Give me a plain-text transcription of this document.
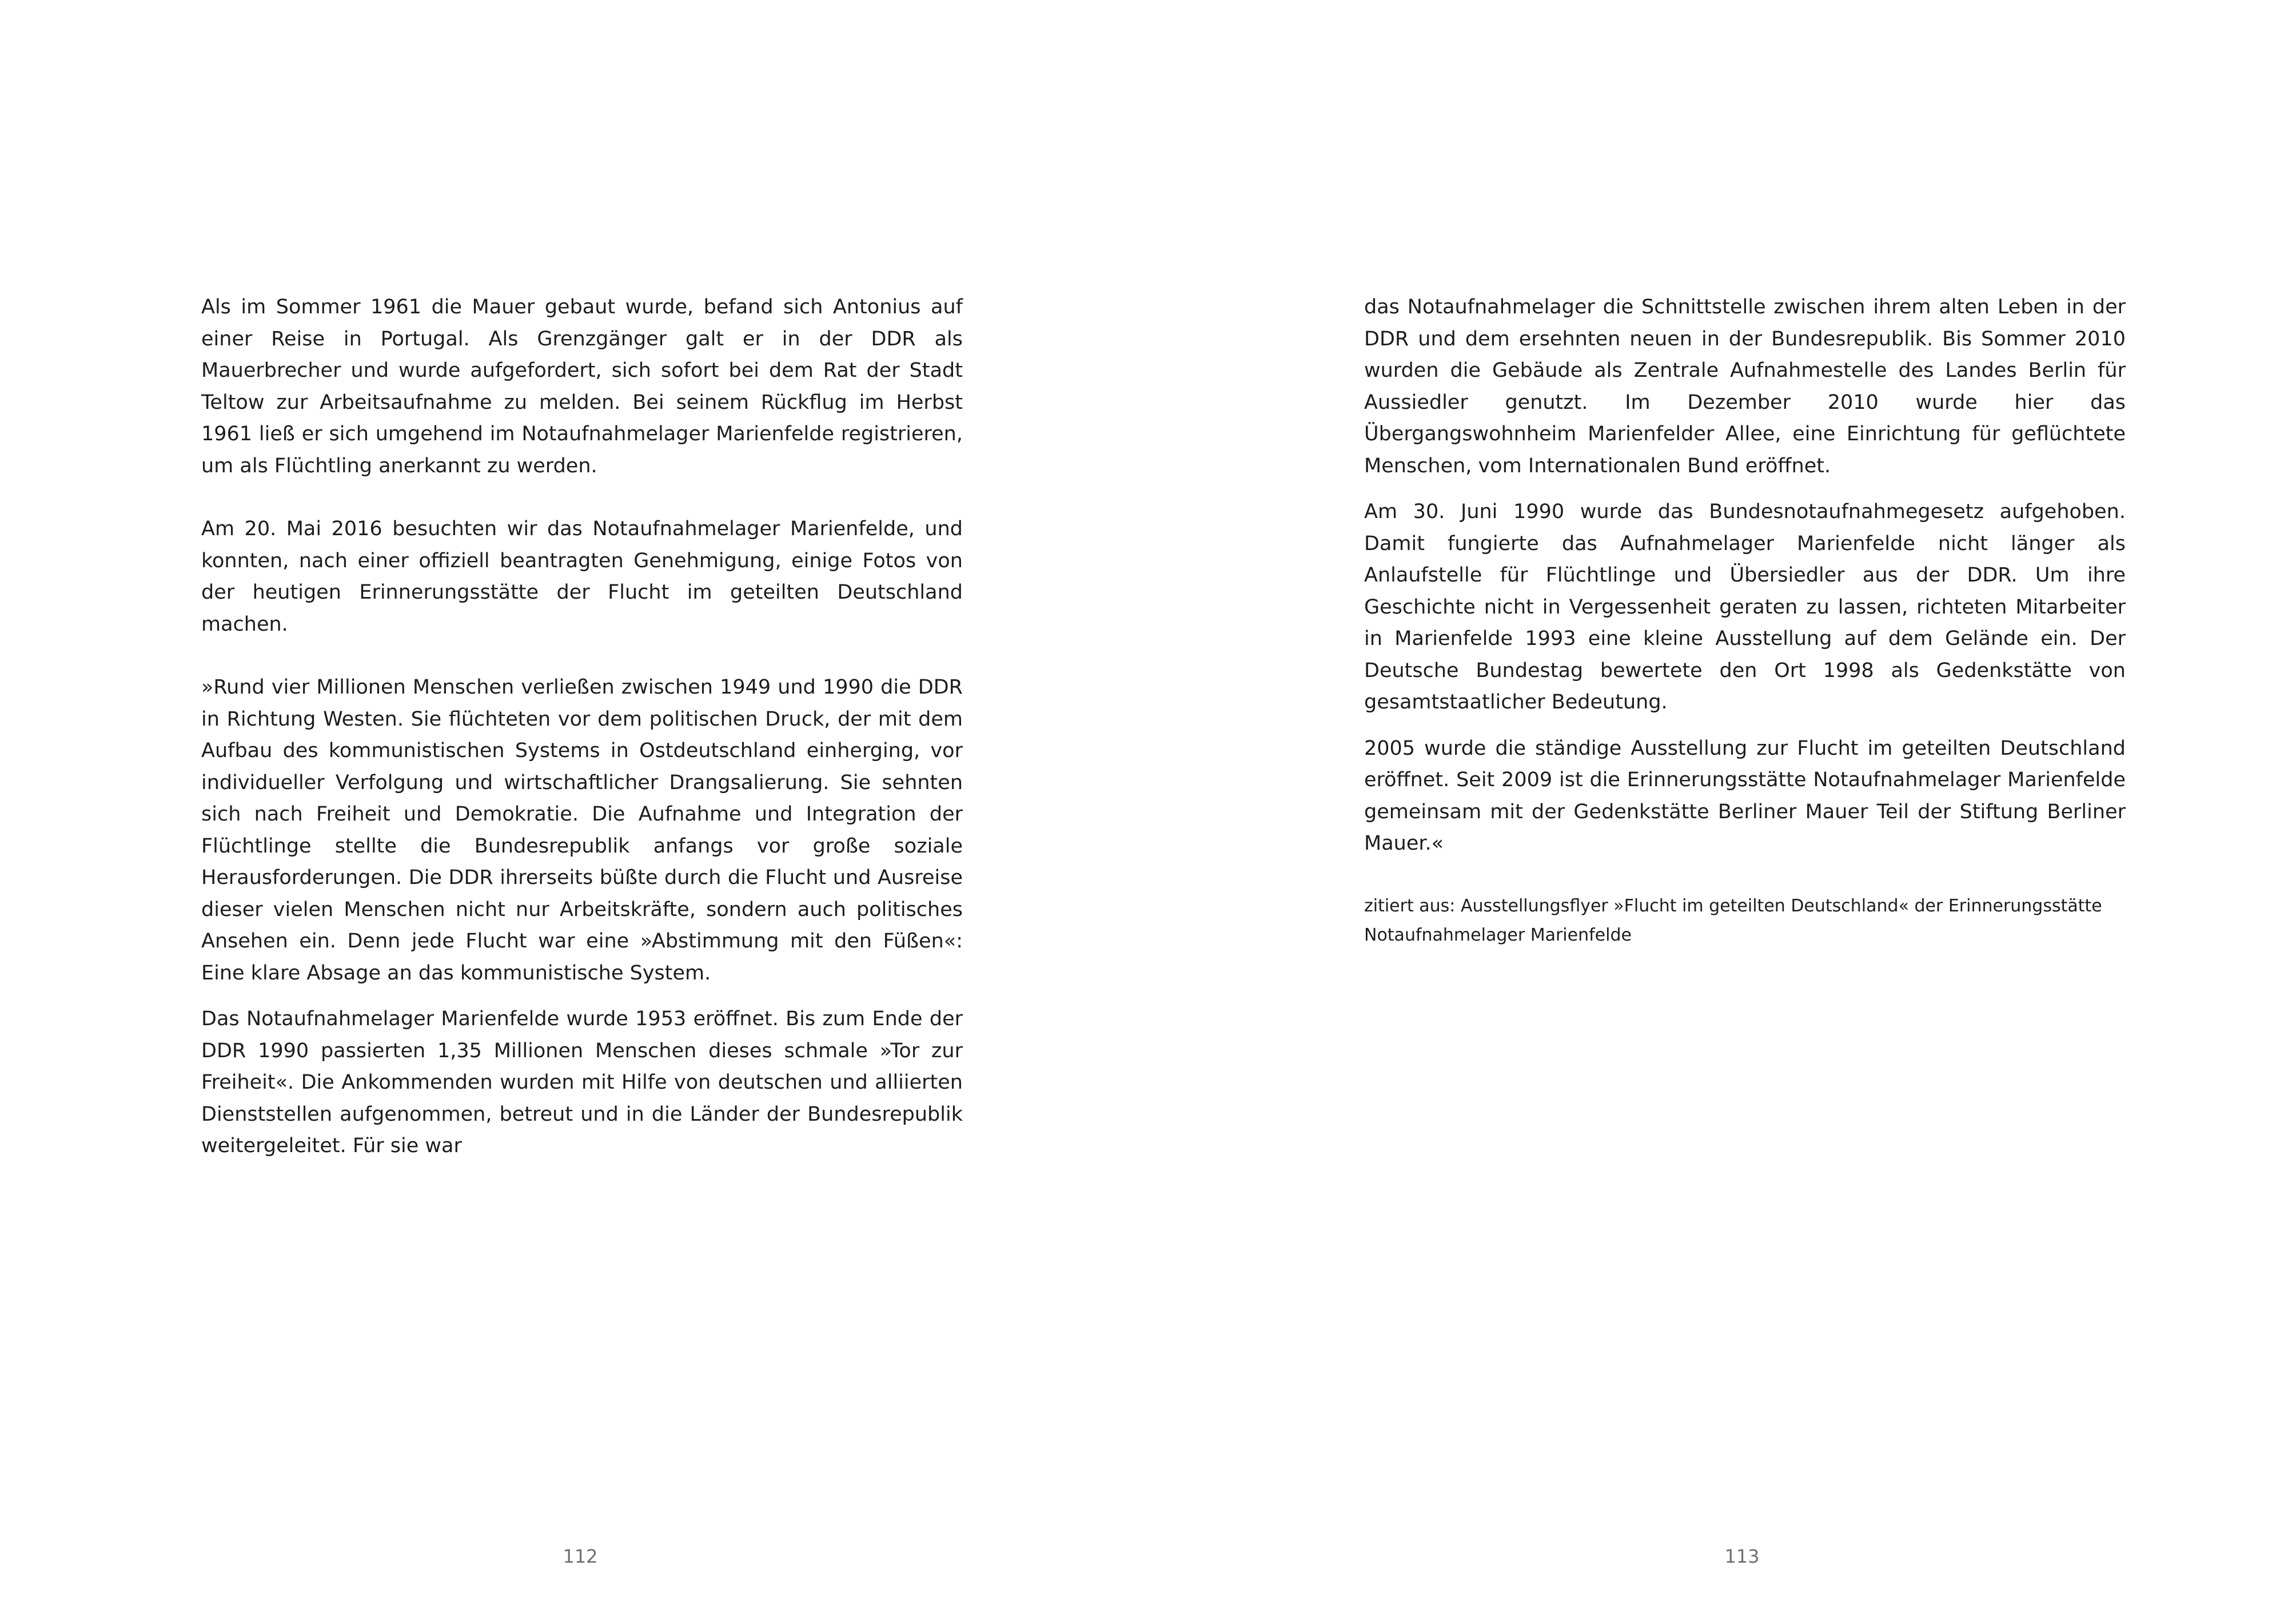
Als im Sommer 1961 die Mauer gebaut wurde, befand sich Antonius auf einer Reise in Portugal. Als Grenzgänger galt er in der DDR als Mauerbrecher und wurde aufgefordert, sich sofort bei dem Rat der Stadt Teltow zur Arbeitsaufnahme zu melden. Bei seinem Rückflug im Herbst 1961 ließ er sich umgehend im Notaufnahmelager Marienfelde registrieren, um als Flüchtling anerkannt zu werden.

Am 20. Mai 2016 besuchten wir das Notaufnahmelager Marienfelde, und konnten, nach einer offiziell beantragten Genehmigung, einige Fotos von der heutigen Erinnerungsstätte der Flucht im geteilten Deutschland machen.

»Rund vier Millionen Menschen verließen zwischen 1949 und 1990 die DDR in Richtung Westen. Sie flüchteten vor dem politischen Druck, der mit dem Aufbau des kommunistischen Systems in Ostdeutschland einherging, vor individueller Verfolgung und wirtschaftlicher Drangsalierung. Sie sehnten sich nach Freiheit und Demokratie. Die Aufnahme und Integration der Flüchtlinge stellte die Bundesrepublik anfangs vor große soziale Herausforderungen. Die DDR ihrerseits büßte durch die Flucht und Ausreise dieser vielen Menschen nicht nur Arbeitskräfte, sondern auch politisches Ansehen ein. Denn jede Flucht war eine »Abstimmung mit den Füßen«: Eine klare Absage an das kommunistische System.

Das Notaufnahmelager Marienfelde wurde 1953 eröffnet. Bis zum Ende der DDR 1990 passierten 1,35 Millionen Menschen dieses schmale »Tor zur Freiheit«. Die Ankommenden wurden mit Hilfe von deutschen und alliierten Dienststellen aufgenommen, betreut und in die Länder der Bundesrepublik weitergeleitet. Für sie war

112

das Notaufnahmelager die Schnittstelle zwischen ihrem alten Leben in der DDR und dem ersehnten neuen in der Bundesrepublik. Bis Sommer 2010 wurden die Gebäude als Zentrale Aufnahmestelle des Landes Berlin für Aussiedler genutzt. Im Dezember 2010 wurde hier das Übergangswohnheim Marienfelder Allee, eine Einrichtung für geflüchtete Menschen, vom Internationalen Bund eröffnet.

Am 30. Juni 1990 wurde das Bundesnotaufnahmegesetz aufgehoben. Damit fungierte das Aufnahmelager Marienfelde nicht länger als Anlaufstelle für Flüchtlinge und Übersiedler aus der DDR. Um ihre Geschichte nicht in Vergessenheit geraten zu lassen, richteten Mitarbeiter in Marienfelde 1993 eine kleine Ausstellung auf dem Gelände ein. Der Deutsche Bundestag bewertete den Ort 1998 als Gedenkstätte von gesamtstaatlicher Bedeutung.

2005 wurde die ständige Ausstellung zur Flucht im geteilten Deutschland eröffnet. Seit 2009 ist die Erinnerungsstätte Notaufnahmelager Marienfelde gemeinsam mit der Gedenkstätte Berliner Mauer Teil der Stiftung Berliner Mauer.«

zitiert aus: Ausstellungsflyer »Flucht im geteilten Deutschland« der Erinnerungsstätte
Notaufnahmelager Marienfelde

113
